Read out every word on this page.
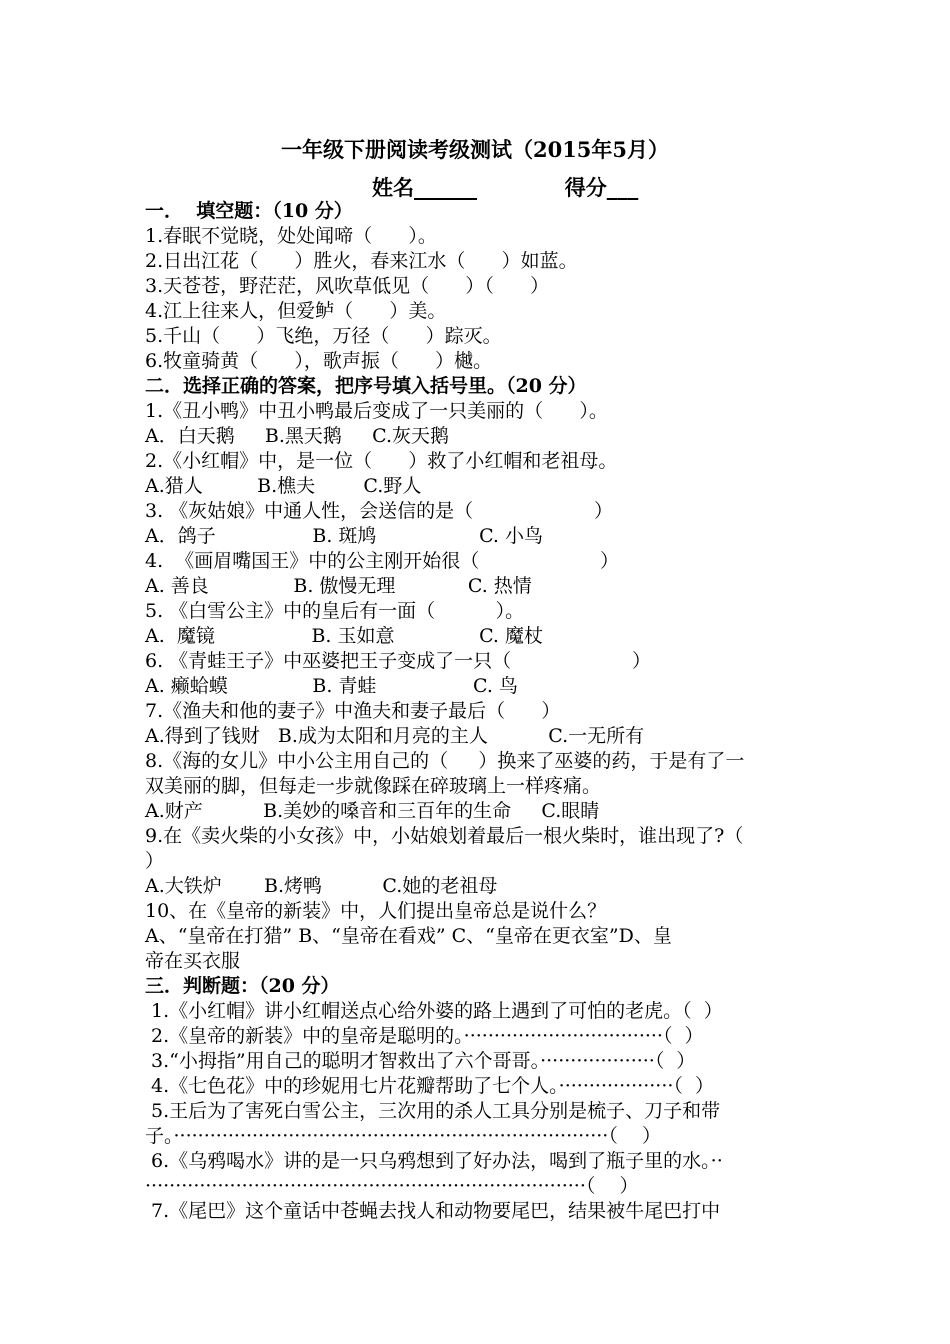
一年级下册阅读考级测试（2015年5月）
姓名______            得分___
一．  填空题：（10 分）
1.春眠不觉晓，处处闻啼（      ）。
2.日出江花（      ）胜火，春来江水（      ）如蓝。
3.天苍苍，野茫茫，风吹草低见（      ）（      ）
4.江上往来人，但爱鲈（      ）美。
5.千山（      ）飞绝，万径（      ）踪灭。
6.牧童骑黄（      ），歌声振（      ）樾。
二．选择正确的答案，把序号填入括号里。（20 分）
1.《丑小鸭》中丑小鸭最后变成了一只美丽的（      ）。
A．白天鹅     B.黑天鹅     C.灰天鹅
2.《小红帽》中，是一位（      ）救了小红帽和老祖母。
A.猎人         B.樵夫        C.野人
3. 《灰姑娘》中通人性，会送信的是（                    ）
A．鸽子                B. 斑鸠                 C. 小鸟
4.  《画眉嘴国王》中的公主刚开始很（                    ）
A. 善良              B. 傲慢无理            C. 热情
5. 《白雪公主》中的皇后有一面（          ）。
A.  魔镜                B. 玉如意              C. 魔杖
6. 《青蛙王子》中巫婆把王子变成了一只（                    ）
A. 癞蛤蟆              B. 青蛙                C. 鸟
7.《渔夫和他的妻子》中渔夫和妻子最后（      ）
A.得到了钱财   B.成为太阳和月亮的主人          C.一无所有
8.《海的女儿》中小公主用自己的（     ）换来了巫婆的药，于是有了一
双美丽的脚，但每走一步就像踩在碎玻璃上一样疼痛。
A.财产          B.美妙的嗓音和三百年的生命     C.眼睛
9.在《卖火柴的小女孩》中，小姑娘划着最后一根火柴时，谁出现了?（
）
A.大铁炉       B.烤鸭          C.她的老祖母
10、在《皇帝的新装》中，人们提出皇帝总是说什么？
A、“皇帝在打猎” B、“皇帝在看戏” C、“皇帝在更衣室”D、皇
帝在买衣服
三．判断题：（20 分）
1.《小红帽》讲小红帽送点心给外婆的路上遇到了可怕的老虎。（  ）
2.《皇帝的新装》中的皇帝是聪明的。·································（  ）
3.“小拇指”用自己的聪明才智救出了六个哥哥。···················（  ）
4.《七色花》中的珍妮用七片花瓣帮助了七个人。···················（  ）
5.王后为了害死白雪公主，三次用的杀人工具分别是梳子、刀子和带
子。········································································（    ）
6.《乌鸦喝水》讲的是一只乌鸦想到了好办法，喝到了瓶子里的水。··
·········································································（    ）
7.《尾巴》这个童话中苍蝇去找人和动物要尾巴，结果被牛尾巴打中
